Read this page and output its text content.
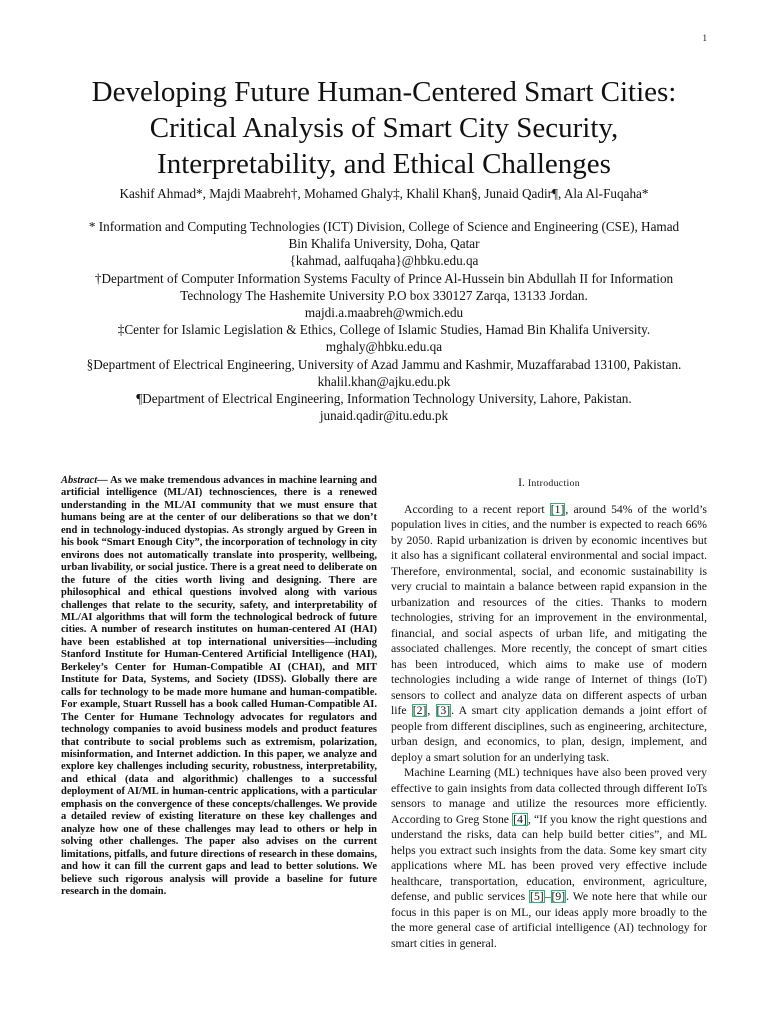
1
Developing Future Human-Centered Smart Cities:
Critical Analysis of Smart City Security,
Interpretability, and Ethical Challenges
Kashif Ahmad*, Majdi Maabreh†, Mohamed Ghaly‡, Khalil Khan§, Junaid Qadir¶, Ala Al-Fuqaha*
* Information and Computing Technologies (ICT) Division, College of Science and Engineering (CSE), Hamad
Bin Khalifa University, Doha, Qatar
{kahmad, aalfuqaha}@hbku.edu.qa
†Department of Computer Information Systems Faculty of Prince Al-Hussein bin Abdullah II for Information
Technology The Hashemite University P.O box 330127 Zarqa, 13133 Jordan.
majdi.a.maabreh@wmich.edu
‡Center for Islamic Legislation & Ethics, College of Islamic Studies, Hamad Bin Khalifa University.
mghaly@hbku.edu.qa
§Department of Electrical Engineering, University of Azad Jammu and Kashmir, Muzaffarabad 13100, Pakistan.
khalil.khan@ajku.edu.pk
¶Department of Electrical Engineering, Information Technology University, Lahore, Pakistan.
junaid.qadir@itu.edu.pk
Abstract— As we make tremendous advances in machine learning and artificial intelligence (ML/AI) technosciences, there is a renewed understanding in the ML/AI community that we must ensure that humans being are at the center of our deliberations so that we don’t end in technology-induced dystopias. As strongly argued by Green in his book “Smart Enough City”, the incorporation of technology in city environs does not automatically translate into prosperity, wellbeing, urban livability, or social justice. There is a great need to deliberate on the future of the cities worth living and designing. There are philosophical and ethical questions involved along with various challenges that relate to the security, safety, and interpretability of ML/AI algorithms that will form the technological bedrock of future cities. A number of research institutes on human-centered AI (HAI) have been established at top international universities—including Stanford Institute for Human-Centered Artificial Intelligence (HAI), Berkeley’s Center for Human-Compatible AI (CHAI), and MIT Institute for Data, Systems, and Society (IDSS). Globally there are calls for technology to be made more humane and human-compatible. For example, Stuart Russell has a book called Human-Compatible AI. The Center for Humane Technology advocates for regulators and technology companies to avoid business models and product features that contribute to social problems such as extremism, polarization, misinformation, and Internet addiction. In this paper, we analyze and explore key challenges including security, robustness, interpretability, and ethical (data and algorithmic) challenges to a successful deployment of AI/ML in human-centric applications, with a particular emphasis on the convergence of these concepts/challenges. We provide a detailed review of existing literature on these key challenges and analyze how one of these challenges may lead to others or help in solving other challenges. The paper also advises on the current limitations, pitfalls, and future directions of research in these domains, and how it can fill the current gaps and lead to better solutions. We believe such rigorous analysis will provide a baseline for future research in the domain.
I. Introduction

According to a recent report [1], around 54% of the world’s population lives in cities, and the number is expected to reach 66% by 2050. Rapid urbanization is driven by economic incentives but it also has a significant collateral environmental and social impact. Therefore, environmental, social, and economic sustainability is very crucial to maintain a balance between rapid expansion in the urbanization and resources of the cities. Thanks to modern technologies, striving for an improvement in the environmental, financial, and social aspects of urban life, and mitigating the associated challenges. More recently, the concept of smart cities has been introduced, which aims to make use of modern technologies including a wide range of Internet of things (IoT) sensors to collect and analyze data on different aspects of urban life [2], [3]. A smart city application demands a joint effort of people from different disciplines, such as engineering, architecture, urban design, and economics, to plan, design, implement, and deploy a smart solution for an underlying task.

Machine Learning (ML) techniques have also been proved very effective to gain insights from data collected through different IoTs sensors to manage and utilize the resources more efficiently. According to Greg Stone [4], “If you know the right questions and understand the risks, data can help build better cities”, and ML helps you extract such insights from the data. Some key smart city applications where ML has been proved very effective include healthcare, transportation, education, environment, agriculture, defense, and public services [5]–[9]. We note here that while our focus in this paper is on ML, our ideas apply more broadly to the the more general case of artificial intelligence (AI) technology for smart cities in general.
